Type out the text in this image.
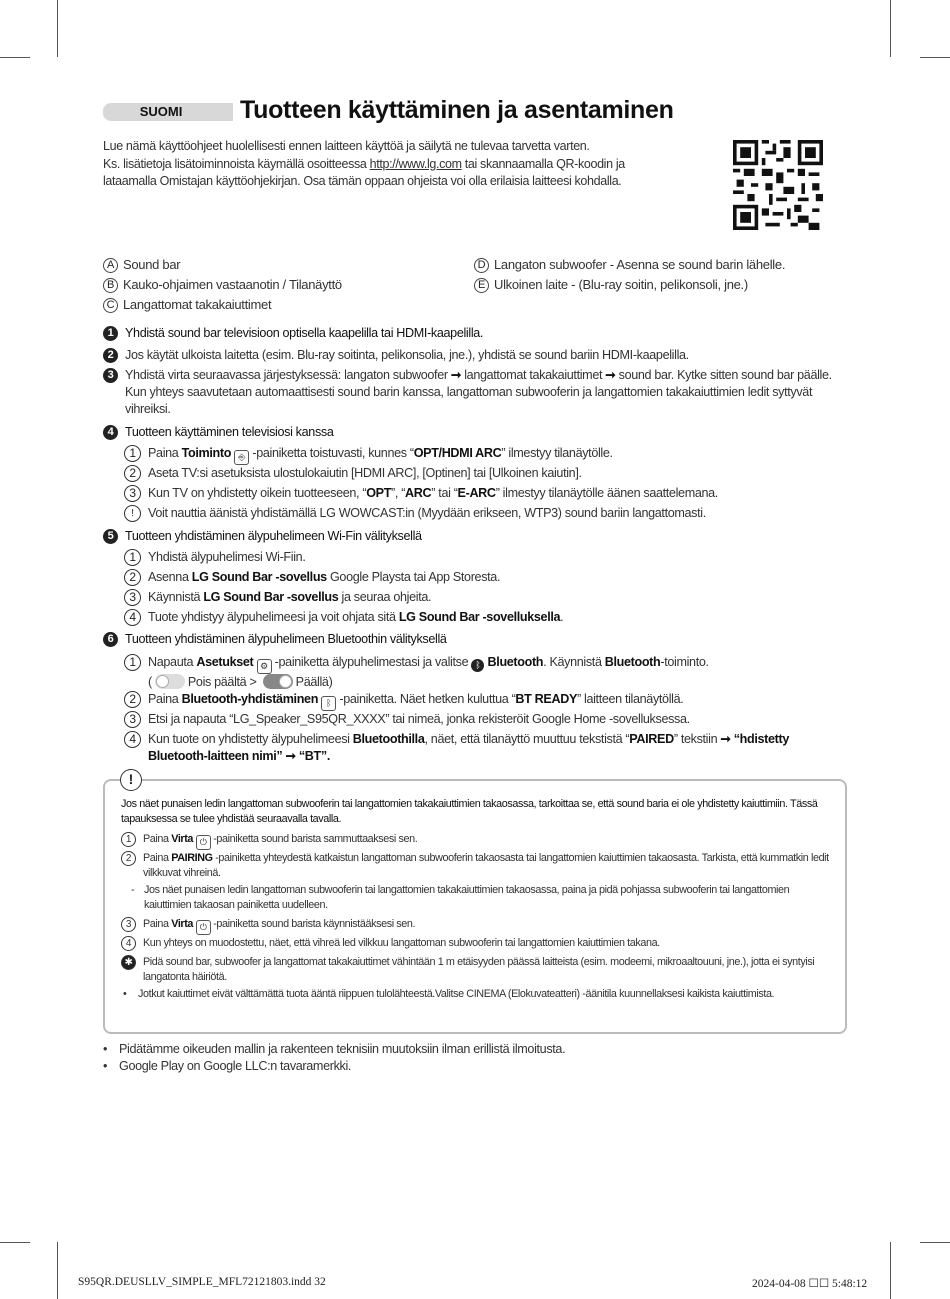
SUOMI	Tuotteen käyttäminen ja asentaminen
Lue nämä käyttöohjeet huolellisesti ennen laitteen käyttöä ja säilytä ne tulevaa tarvetta varten.
Ks. lisätietoja lisätoiminnoista käymällä osoitteessa http://www.lg.com tai skannaamalla QR-koodin ja
lataamalla Omistajan käyttöohjekirjan. Osa tämän oppaan ohjeista voi olla erilaisia laitteesi kohdalla.
A Sound bar
B Kauko-ohjaimen vastaanotin / Tilanäyttö
C Langattomat takakaiuttimet
D Langaton subwoofer - Asenna se sound barin lähelle.
E Ulkoinen laite - (Blu-ray soitin, pelikonsoli, jne.)
1 Yhdistä sound bar televisioon optisella kaapelilla tai HDMI-kaapelilla.
2 Jos käytät ulkoista laitetta (esim. Blu-ray soitinta, pelikonsolia, jne.), yhdistä se sound bariin HDMI-kaapelilla.
3 Yhdistä virta seuraavassa järjestyksessä: langaton subwoofer ➞ langattomat takakaiuttimet ➞ sound bar. Kytke sitten sound bar päälle. Kun yhteys saavutetaan automaattisesti sound barin kanssa, langattoman subwooferin ja langattomien takakaiuttimien ledit syttyvät vihreiksi.
4 Tuotteen käyttäminen televisiosi kanssa
1 Paina Toiminto ⎆ -painiketta toistuvasti, kunnes “OPT/HDMI ARC” ilmestyy tilanäytölle.
2 Aseta TV:si asetuksista ulostulokaiutin [HDMI ARC], [Optinen] tai [Ulkoinen kaiutin].
3 Kun TV on yhdistetty oikein tuotteeseen, “OPT”, “ARC” tai “E-ARC” ilmestyy tilanäytölle äänen saattelemana.
!	Voit nauttia äänistä yhdistämällä LG WOWCAST:in (Myydään erikseen, WTP3) sound bariin langattomasti.
5 Tuotteen yhdistäminen älypuhelimeen Wi-Fin välityksellä
1 Yhdistä älypuhelimesi Wi-Fiin.
2 Asenna LG Sound Bar -sovellus Google Playsta tai App Storesta.
3 Käynnistä LG Sound Bar -sovellus ja seuraa ohjeita.
4 Tuote yhdistyy älypuhelimeesi ja voit ohjata sitä LG Sound Bar -sovelluksella.
6 Tuotteen yhdistäminen älypuhelimeen Bluetoothin välityksellä
1 Napauta Asetukset ⚙ -painiketta älypuhelimestasi ja valitse ᛒ Bluetooth. Käynnistä Bluetooth-toiminto.
(	Pois päältä >	Päällä)
2 Paina Bluetooth-yhdistäminen ᛒ -painiketta. Näet hetken kuluttua “BT READY” laitteen tilanäytöllä.
3 Etsi ja napauta “LG_Speaker_S95QR_XXXX” tai nimeä, jonka rekisteröit Google Home -sovelluksessa.
4 Kun tuote on yhdistetty älypuhelimeesi Bluetoothilla, näet, että tilanäyttö muuttuu tekstistä “PAIRED” tekstiin ➞ “hdistetty Bluetooth-laitteen nimi” ➞ “BT”.
!
Jos näet punaisen ledin langattoman subwooferin tai langattomien takakaiuttimien takaosassa, tarkoittaa se, että sound baria ei ole yhdistetty kaiuttimiin. Tässä tapauksessa se tulee yhdistää seuraavalla tavalla.
1	Paina Virta ⏻ -painiketta sound barista sammuttaaksesi sen.
2	Paina PAIRING -painiketta yhteydestä katkaistun langattoman subwooferin takaosasta tai langattomien kaiuttimien takaosasta. Tarkista, että kummatkin ledit vilkkuvat vihreinä.
- Jos näet punaisen ledin langattoman subwooferin tai langattomien takakaiuttimien takaosassa, paina ja pidä pohjassa subwooferin tai langattomien kaiuttimien takaosan painiketta uudelleen.
3	Paina Virta ⏻ -painiketta sound barista käynnistääksesi sen.
4	Kun yhteys on muodostettu, näet, että vihreä led vilkkuu langattoman subwooferin tai langattomien kaiuttimien takana.
✱ Pidä sound bar, subwoofer ja langattomat takakaiuttimet vähintään 1 m etäisyyden päässä laitteista (esim. modeemi, mikroaaltouuni, jne.), jotta ei syntyisi langatonta häiriötä.
•	Jotkut kaiuttimet eivät välttämättä tuota ääntä riippuen tulolähteestä.Valitse CINEMA (Elokuvateatteri) -äänitila kuunnellaksesi kaikista kaiuttimista.
• Pidätämme oikeuden mallin ja rakenteen teknisiin muutoksiin ilman erillistä ilmoitusta.
• Google Play on Google LLC:n tavaramerkki.
S95QR.DEUSLLV_SIMPLE_MFL72121803.indd 32	2024-04-08 ☐☐ 5:48:12
